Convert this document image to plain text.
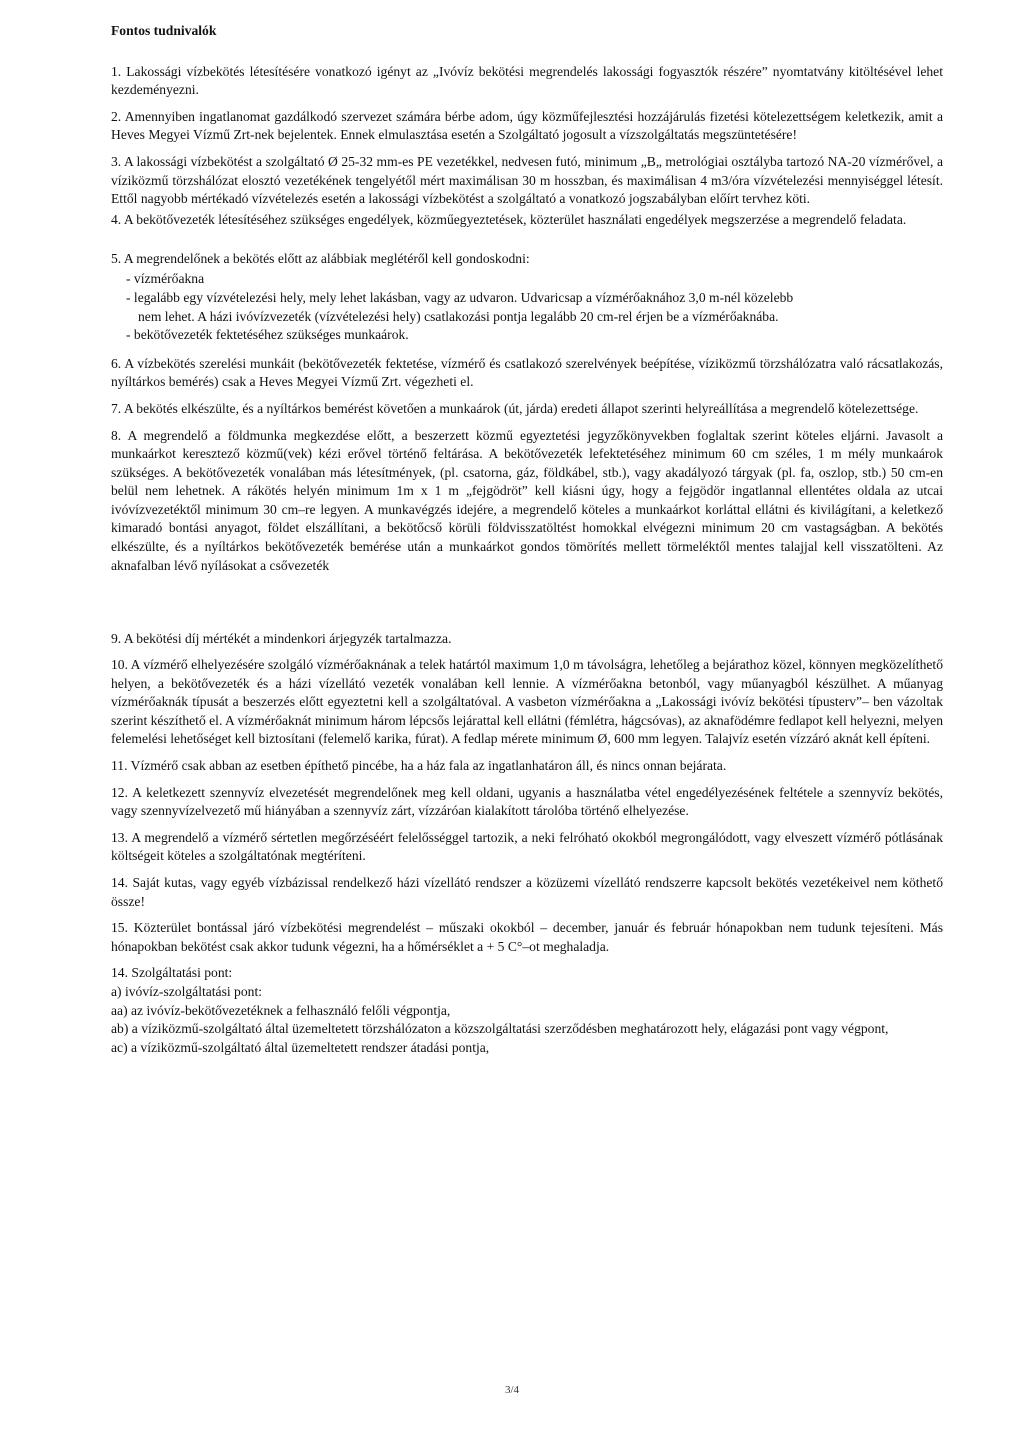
Fontos tudnivalók

1. Lakossági vízbekötés létesítésére vonatkozó igényt az „Ivóvíz bekötési megrendelés lakossági fogyasztók részére” nyomtatvány kitöltésével lehet kezdeményezni.

2. Amennyiben ingatlanomat gazdálkodó szervezet számára bérbe adom, úgy közműfejlesztési hozzájárulás fizetési kötelezettségem keletkezik, amit a Heves Megyei Vízmű Zrt-nek bejelentek. Ennek elmulasztása esetén a Szolgáltató jogosult a vízszolgáltatás megszüntetésére!

3. A lakossági vízbekötést a szolgáltató Ø 25-32 mm-es PE vezetékkel, nedvesen futó, minimum „B„ metrológiai osztályba tartozó NA-20 vízmérővel, a víziközmű törzshálózat elosztó vezetékének tengelyétől mért maximálisan 30 m hosszban, és maximálisan 4 m3/óra vízvételezési mennyiséggel létesít. Ettől nagyobb mértékadó vízvételezés esetén a lakossági vízbekötést a szolgáltató a vonatkozó jogszabályban előírt tervhez köti.

4. A bekötővezeték létesítéséhez szükséges engedélyek, közműegyeztetések, közterület használati engedélyek megszerzése a megrendelő feladata.

5. A megrendelőnek a bekötés előtt az alábbiak meglétéről kell gondoskodni:

- vízmérőakna
- legalább egy vízvételezési hely, mely lehet lakásban, vagy az udvaron. Udvaricsap a vízmérőaknához 3,0 m-nél közelebb
nem lehet. A házi ivóvízvezeték (vízvételezési hely) csatlakozási pontja legalább 20 cm-rel érjen be a vízmérőaknába.
- bekötővezeték fektetéséhez szükséges munkaárok.

6. A vízbekötés szerelési munkáit (bekötővezeték fektetése, vízmérő és csatlakozó szerelvények beépítése, víziközmű törzshálózatra való rácsatlakozás, nyíltárkos bemérés) csak a Heves Megyei Vízmű Zrt. végezheti el.

7. A bekötés elkészülte, és a nyíltárkos bemérést követően a munkaárok (út, járda) eredeti állapot szerinti helyreállítása a megrendelő kötelezettsége.

8. A megrendelő a földmunka megkezdése előtt, a beszerzett közmű egyeztetési jegyzőkönyvekben foglaltak szerint köteles eljárni. Javasolt a munkaárkot keresztező közmű(vek) kézi erővel történő feltárása. A bekötővezeték lefektetéséhez minimum 60 cm széles, 1 m mély munkaárok szükséges. A bekötővezeték vonalában más létesítmények, (pl. csatorna, gáz, földkábel, stb.), vagy akadályozó tárgyak (pl. fa, oszlop, stb.) 50 cm-en belül nem lehetnek. A rákötés helyén minimum 1m x 1 m „fejgödröt” kell kiásni úgy, hogy a fejgödör ingatlannal ellentétes oldala az utcai ivóvízvezetéktől minimum 30 cm–re legyen. A munkavégzés idejére, a megrendelő köteles a munkaárkot korláttal ellátni és kivilágítani, a keletkező kimaradó bontási anyagot, földet elszállítani, a bekötőcső körüli földvisszatöltést homokkal elvégezni minimum 20 cm vastagságban. A bekötés elkészülte, és a nyíltárkos bekötővezeték bemérése után a munkaárkot gondos tömörítés mellett törmeléktől mentes talajjal kell visszatölteni. Az aknafalban lévő nyílásokat a csővezeték

9. A bekötési díj mértékét a mindenkori árjegyzék tartalmazza.

10. A vízmérő elhelyezésére szolgáló vízmérőaknának a telek határtól maximum 1,0 m távolságra, lehetőleg a bejárathoz közel, könnyen megközelíthető helyen, a bekötővezeték és a házi vízellátó vezeték vonalában kell lennie. A vízmérőakna betonból, vagy műanyagból készülhet. A műanyag vízmérőaknák típusát a beszerzés előtt egyeztetni kell a szolgáltatóval. A vasbeton vízmérőakna a „Lakossági ivóvíz bekötési típusterv”– ben vázoltak szerint készíthető el. A vízmérőaknát minimum három lépcsős lejárattal kell ellátni (fémlétra, hágcsóvas), az aknafödémre fedlapot kell helyezni, melyen felemelési lehetőséget kell biztosítani (felemelő karika, fúrat). A fedlap mérete minimum Ø, 600 mm legyen. Talajvíz esetén vízzáró aknát kell építeni.

11. Vízmérő csak abban az esetben építhető pincébe, ha a ház fala az ingatlanhatáron áll, és nincs onnan bejárata.

12. A keletkezett szennyvíz elvezetését megrendelőnek meg kell oldani, ugyanis a használatba vétel engedélyezésének feltétele a szennyvíz bekötés, vagy szennyvízelvezető mű hiányában a szennyvíz zárt, vízzáróan kialakított tárolóba történő elhelyezése.

13. A megrendelő a vízmérő sértetlen megőrzéséért felelősséggel tartozik, a neki felróható okokból megrongálódott, vagy elveszett vízmérő pótlásának költségeit köteles a szolgáltatónak megtéríteni.

14. Saját kutas, vagy egyéb vízbázissal rendelkező házi vízellátó rendszer a közüzemi vízellátó rendszerre kapcsolt bekötés vezetékeivel nem köthető össze!

15. Közterület bontással járó vízbekötési megrendelést – műszaki okokból – december, január és február hónapokban nem tudunk tejesíteni. Más hónapokban bekötést csak akkor tudunk végezni, ha a hőmérséklet a + 5 C°–ot meghaladja.

14. Szolgáltatási pont:

a) ivóvíz-szolgáltatási pont:

aa) az ivóvíz-bekötővezetéknek a felhasználó felőli végpontja,

ab) a víziközmű-szolgáltató által üzemeltetett törzshálózaton a közszolgáltatási szerződésben meghatározott hely, elágazási pont vagy végpont,

ac) a víziközmű-szolgáltató által üzemeltetett rendszer átadási pontja,

3/4
